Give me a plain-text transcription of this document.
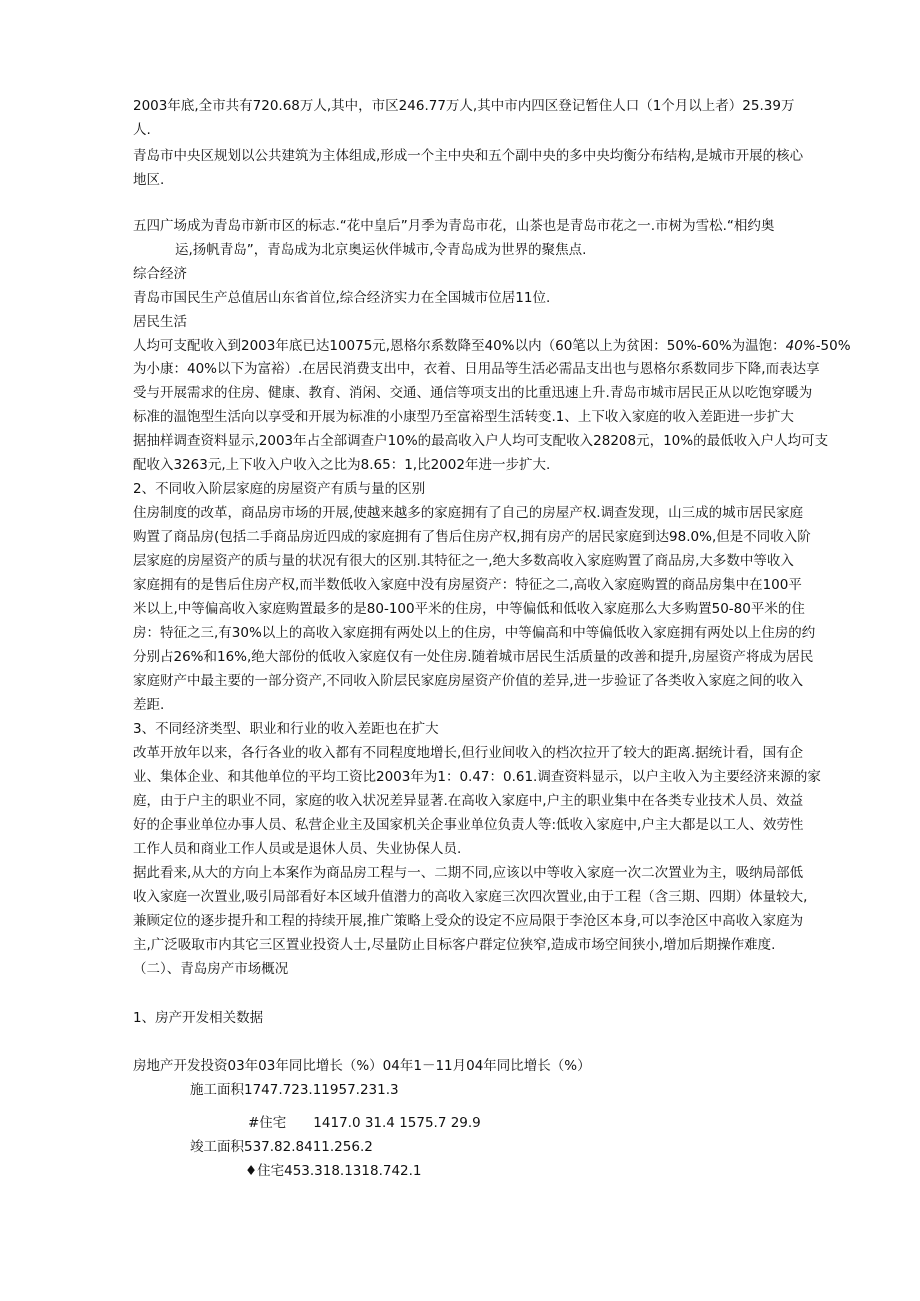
2003年底,全市共有720.68万人,其中，市区246.77万人,其中市内四区登记暂住人口（1个月以上者）25.39万
人.
青岛市中央区规划以公共建筑为主体组成,形成一个主中央和五个副中央的多中央均衡分布结构,是城市开展的核心
地区.
五四广场成为青岛市新市区的标志.“花中皇后”月季为青岛市花，山茶也是青岛市花之一.市树为雪松.“相约奥
运,扬帆青岛”，青岛成为北京奥运伙伴城市,令青岛成为世界的聚焦点.
综合经济
青岛市国民生产总值居山东省首位,综合经济实力在全国城市位居11位.
居民生活
人均可支配收入到2003年底已达10075元,恩格尔系数降至40%以内（60笔以上为贫困：50%-60%为温饱：40%-50%
为小康：40%以下为富裕）.在居民消费支出中，衣着、日用品等生活必需品支出也与恩格尔系数同步下降,而表达享
受与开展需求的住房、健康、教育、消闲、交通、通信等项支出的比重迅速上升.青岛市城市居民正从以吃饱穿暖为
标准的温饱型生活向以享受和开展为标准的小康型乃至富裕型生活转变.1、上下收入家庭的收入差距进一步扩大
据抽样调查资料显示,2003年占全部调查户10%的最高收入户人均可支配收入28208元，10%的最低收入户人均可支
配收入3263元,上下收入户收入之比为8.65：1,比2002年进一步扩大.
2、不同收入阶层家庭的房屋资产有质与量的区别
住房制度的改革，商品房市场的开展,使越来越多的家庭拥有了自己的房屋产权.调查发现，山三成的城市居民家庭
购置了商品房(包括二手商品房近四成的家庭拥有了售后住房产权,拥有房产的居民家庭到达98.0%,但是不同收入阶
层家庭的房屋资产的质与量的状况有很大的区别.其特征之一,绝大多数高收入家庭购置了商品房,大多数中等收入
家庭拥有的是售后住房产权,而半数低收入家庭中没有房屋资产：特征之二,高收入家庭购置的商品房集中在100平
米以上,中等偏高收入家庭购置最多的是80-100平米的住房，中等偏低和低收入家庭那么大多购置50-80平米的住
房：特征之三,有30%以上的高收入家庭拥有两处以上的住房，中等偏高和中等偏低收入家庭拥有两处以上住房的约
分别占26%和16%,绝大部份的低收入家庭仅有一处住房.随着城市居民生活质量的改善和提升,房屋资产将成为居民
家庭财产中最主要的一部分资产,不同收入阶层民家庭房屋资产价值的差异,进一步验证了各类收入家庭之间的收入
差距.
3、不同经济类型、职业和行业的收入差距也在扩大
改革开放年以来，各行各业的收入都有不同程度地增长,但行业间收入的档次拉开了较大的距离.据统计看，国有企
业、集体企业、和其他单位的平均工资比2003年为1：0.47：0.61.调查资料显示，以户主收入为主要经济来源的家
庭，由于户主的职业不同，家庭的收入状况差异显著.在高收入家庭中,户主的职业集中在各类专业技术人员、效益
好的企事业单位办事人员、私营企业主及国家机关企事业单位负责人等:低收入家庭中,户主大都是以工人、效劳性
工作人员和商业工作人员或是退休人员、失业协保人员.
据此看来,从大的方向上本案作为商品房工程与一、二期不同,应该以中等收入家庭一次二次置业为主，吸纳局部低
收入家庭一次置业,吸引局部看好本区域升值潜力的高收入家庭三次四次置业,由于工程（含三期、四期）体量较大,
兼顾定位的逐步提升和工程的持续开展,推广策略上受众的设定不应局限于李沧区本身,可以李沧区中高收入家庭为
主,广泛吸取市内其它三区置业投资人士,尽量防止目标客户群定位狭窄,造成市场空间狭小,增加后期操作难度.
（二）、青岛房产市场概况
1、房产开发相关数据
房地产开发投资03年03年同比增长（%）04年1－11月04年同比增长（%）
施工面积1747.723.11957.231.3
#住宅　　1417.0 31.4 1575.7 29.9
竣工面积537.82.8411.256.2
♦住宅453.318.1318.742.1
